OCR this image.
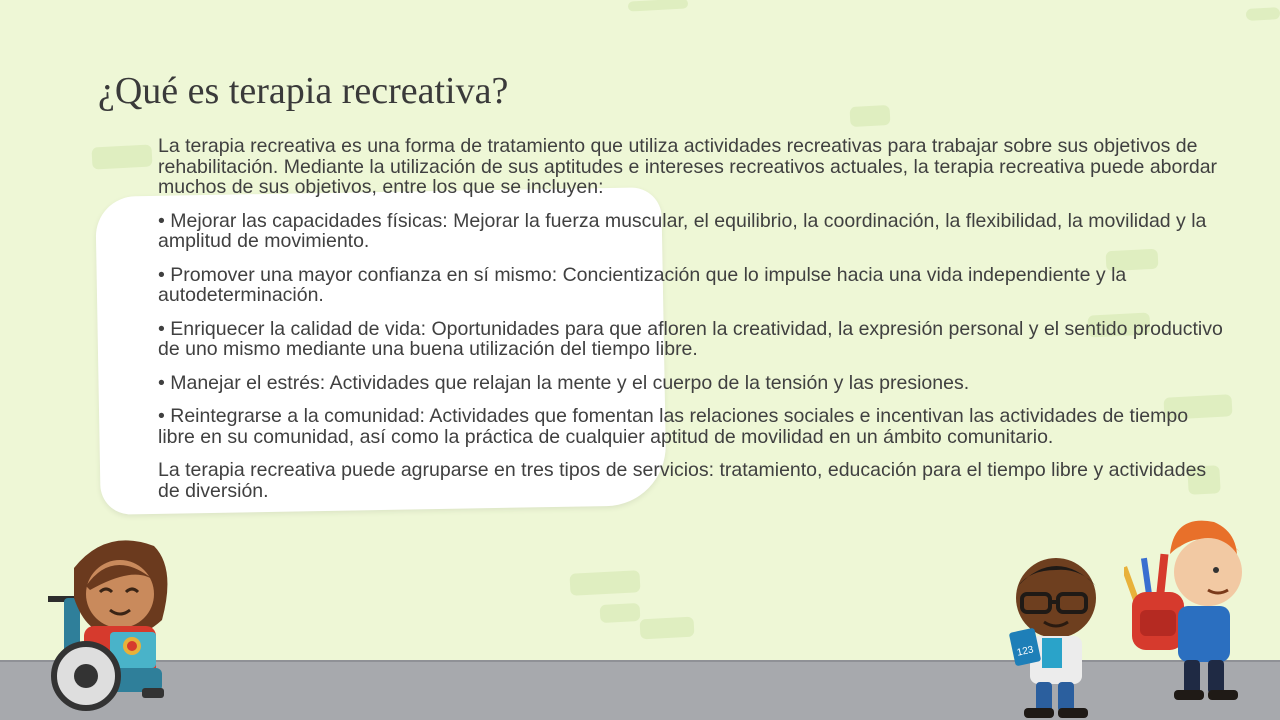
¿Qué es terapia recreativa?

La terapia recreativa es una forma de tratamiento que utiliza actividades recreativas para trabajar sobre sus objetivos de rehabilitación. Mediante la utilización de sus aptitudes e intereses recreativos actuales, la terapia recreativa puede abordar muchos de sus objetivos, entre los que se incluyen:

• Mejorar las capacidades físicas: Mejorar la fuerza muscular, el equilibrio, la coordinación, la flexibilidad, la movilidad y la amplitud de movimiento.

• Promover una mayor confianza en sí mismo: Concientización que lo impulse hacia una vida independiente y la autodeterminación.

• Enriquecer la calidad de vida: Oportunidades para que afloren la creatividad, la expresión personal y el sentido productivo de uno mismo mediante una buena utilización del tiempo libre.

• Manejar el estrés: Actividades que relajan la mente y el cuerpo de la tensión y las presiones.

• Reintegrarse a la comunidad: Actividades que fomentan las relaciones sociales e incentivan las actividades de tiempo libre en su comunidad, así como la práctica de cualquier aptitud de movilidad en un ámbito comunitario.

La terapia recreativa puede agruparse en tres tipos de servicios: tratamiento, educación para el tiempo libre y actividades de diversión.

123
